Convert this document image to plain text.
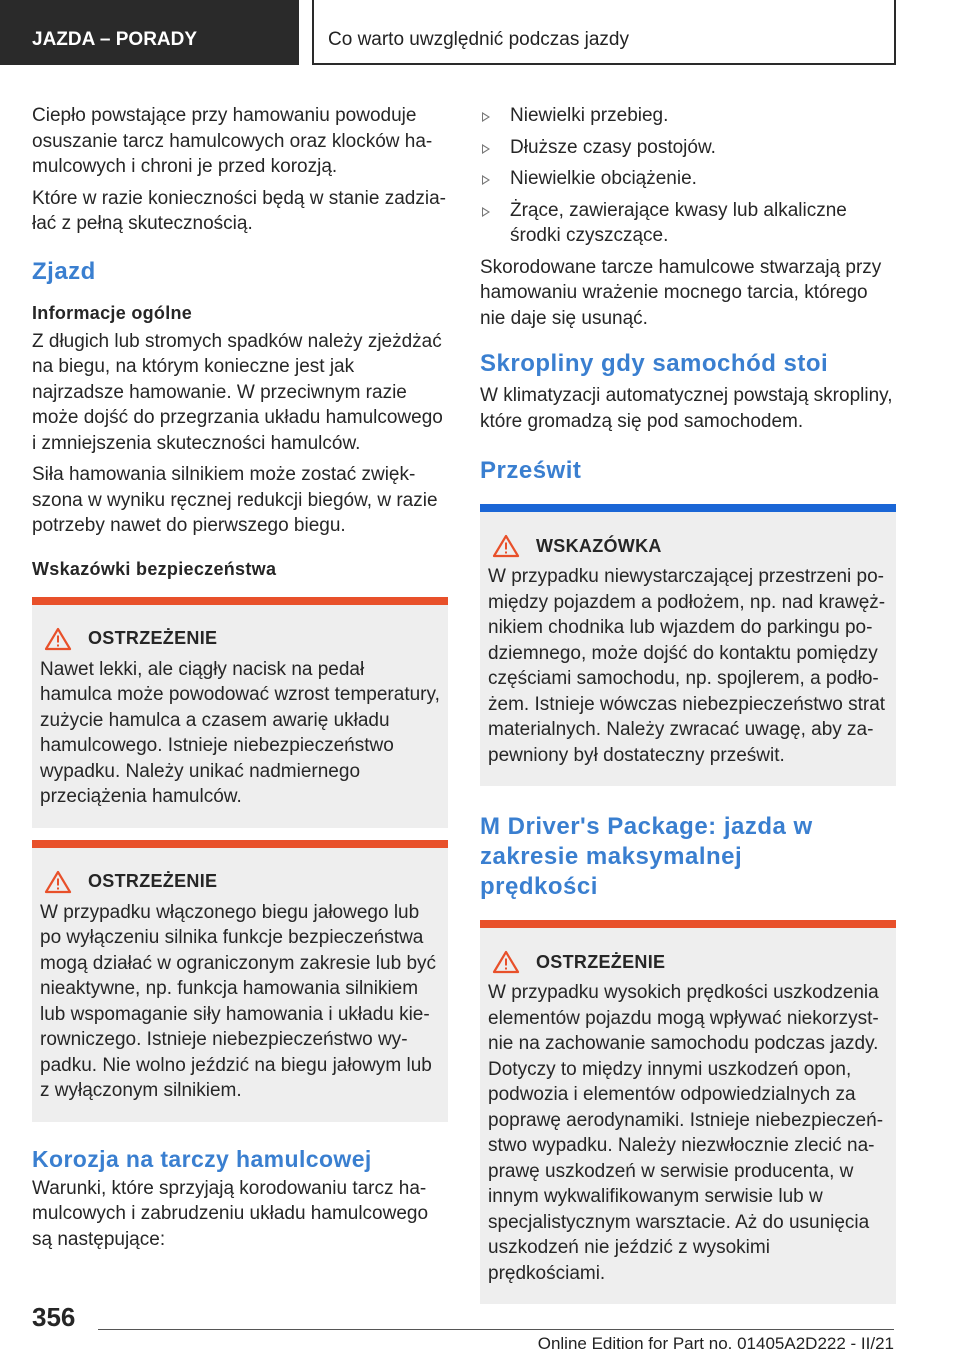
JAZDA – PORADY	Co warto uwzględnić podczas jazdy

Ciepło powstające przy hamowaniu powoduje osuszanie tarcz hamulcowych oraz klocków hamulcowych i chroni je przed korozją.

Które w razie konieczności będą w stanie zadziałać z pełną skutecznością.

Zjazd
Informacje ogólne

Z długich lub stromych spadków należy zjeżdżać na biegu, na którym konieczne jest jak najrzadsze hamowanie. W przeciwnym razie może dojść do przegrzania układu hamulcowego i zmniejszenia skuteczności hamulców.

Siła hamowania silnikiem może zostać zwiększona w wyniku ręcznej redukcji biegów, w razie potrzeby nawet do pierwszego biegu.

Wskazówki bezpieczeństwa
OSTRZEŻENIE
Nawet lekki, ale ciągły nacisk na pedał hamulca może powodować wzrost temperatury, zużycie hamulca a czasem awarię układu hamulcowego. Istnieje niebezpieczeństwo wypadku. Należy unikać nadmiernego przeciążenia hamulców.
OSTRZEŻENIE
W przypadku włączonego biegu jałowego lub po wyłączeniu silnika funkcje bezpieczeństwa mogą działać w ograniczonym zakresie lub być nieaktywne, np. funkcja hamowania silnikiem lub wspomaganie siły hamowania i układu kierowniczego. Istnieje niebezpieczeństwo wypadku. Nie wolno jeździć na biegu jałowym lub z wyłączonym silnikiem.
Korozja na tarczy hamulcowej

Warunki, które sprzyjają korodowaniu tarcz hamulcowych i zabrudzeniu układu hamulcowego są następujące:

Niewielki przebieg.
Dłuższe czasy postojów.
Niewielkie obciążenie.
Żrące, zawierające kwasy lub alkaliczne środki czyszczące.

Skorodowane tarcze hamulcowe stwarzają przy hamowaniu wrażenie mocnego tarcia, którego nie daje się usunąć.

Skropliny gdy samochód stoi

W klimatyzacji automatycznej powstają skropliny, które gromadzą się pod samochodem.

Prześwit
WSKAZÓWKA
W przypadku niewystarczającej przestrzeni pomiędzy pojazdem a podłożem, np. nad krawężnikiem chodnika lub wjazdem do parkingu podziemnego, może dojść do kontaktu pomiędzy częściami samochodu, np. spojlerem, a podłożem. Istnieje wówczas niebezpieczeństwo strat materialnych. Należy zwracać uwagę, aby zapewniony był dostateczny prześwit.
M Driver's Package: jazda w zakresie maksymalnej prędkości
OSTRZEŻENIE
W przypadku wysokich prędkości uszkodzenia elementów pojazdu mogą wpływać niekorzystnie na zachowanie samochodu podczas jazdy. Dotyczy to między innymi uszkodzeń opon, podwozia i elementów odpowiedzialnych za poprawę aerodynamiki. Istnieje niebezpieczeństwo wypadku. Należy niezwłocznie zlecić naprawę uszkodzeń w serwisie producenta, w innym wykwalifikowanym serwisie lub w specjalistycznym warsztacie. Aż do usunięcia uszkodzeń nie jeździć z wysokimi prędkościami.
356
Online Edition for Part no. 01405A2D222 - II/21
